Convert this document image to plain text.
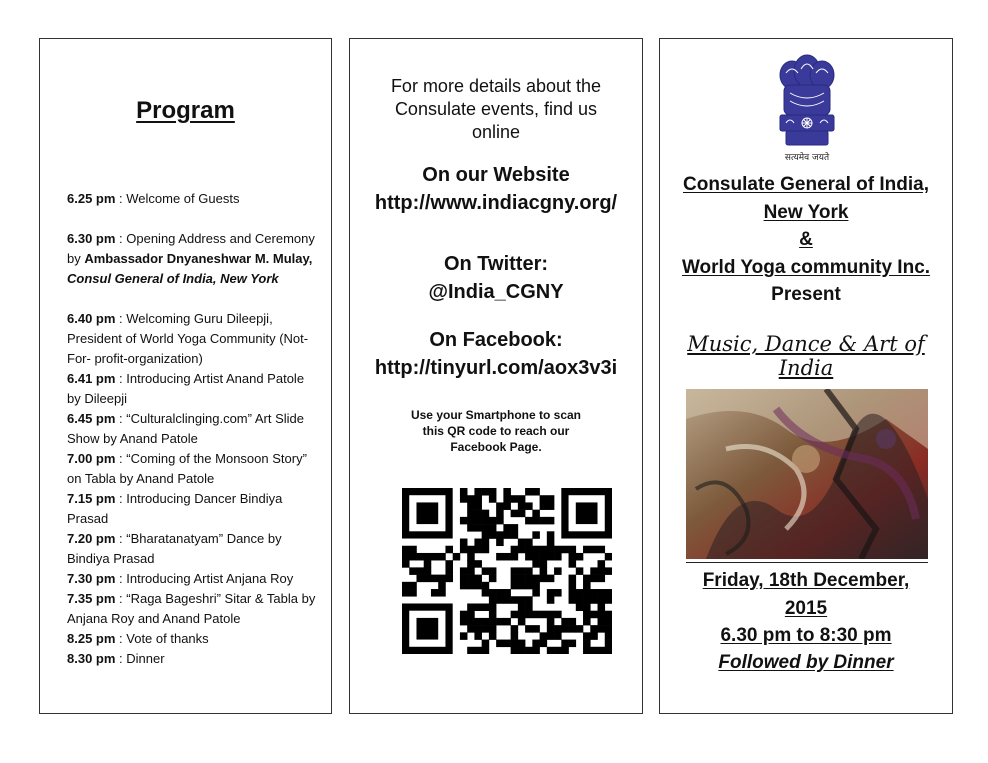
Program
6.25 pm : Welcome of Guests
6.30 pm : Opening Address and Ceremony by Ambassador Dnyaneshwar M. Mulay, Consul General of India, New York
6.40 pm : Welcoming Guru Dileepji, President of World Yoga Community (Not-For- profit-organization)
6.41 pm : Introducing Artist Anand Patole by Dileepji
6.45 pm : “Culturalclinging.com” Art Slide Show by Anand Patole
7.00 pm : “Coming of the Monsoon Story” on Tabla by Anand Patole
7.15 pm : Introducing Dancer Bindiya Prasad
7.20 pm : “Bharatanatyam” Dance by Bindiya Prasad
7.30 pm : Introducing Artist Anjana Roy
7.35 pm : “Raga Bageshri” Sitar & Tabla by Anjana Roy and Anand Patole
8.25 pm : Vote of thanks
8.30 pm : Dinner
For more details about the Consulate events, find us online
On our Website
http://www.indiacgny.org/
On Twitter:
@India_CGNY
On Facebook:
http://tinyurl.com/aox3v3i
Use your Smartphone to scan this QR code to reach our Facebook Page.
सत्यमेव जयते
Consulate General of India,
New York
&
World Yoga community Inc.
Present
Music, Dance & Art of India
Friday, 18th December,
2015
6.30 pm to 8:30 pm
Followed by Dinner
